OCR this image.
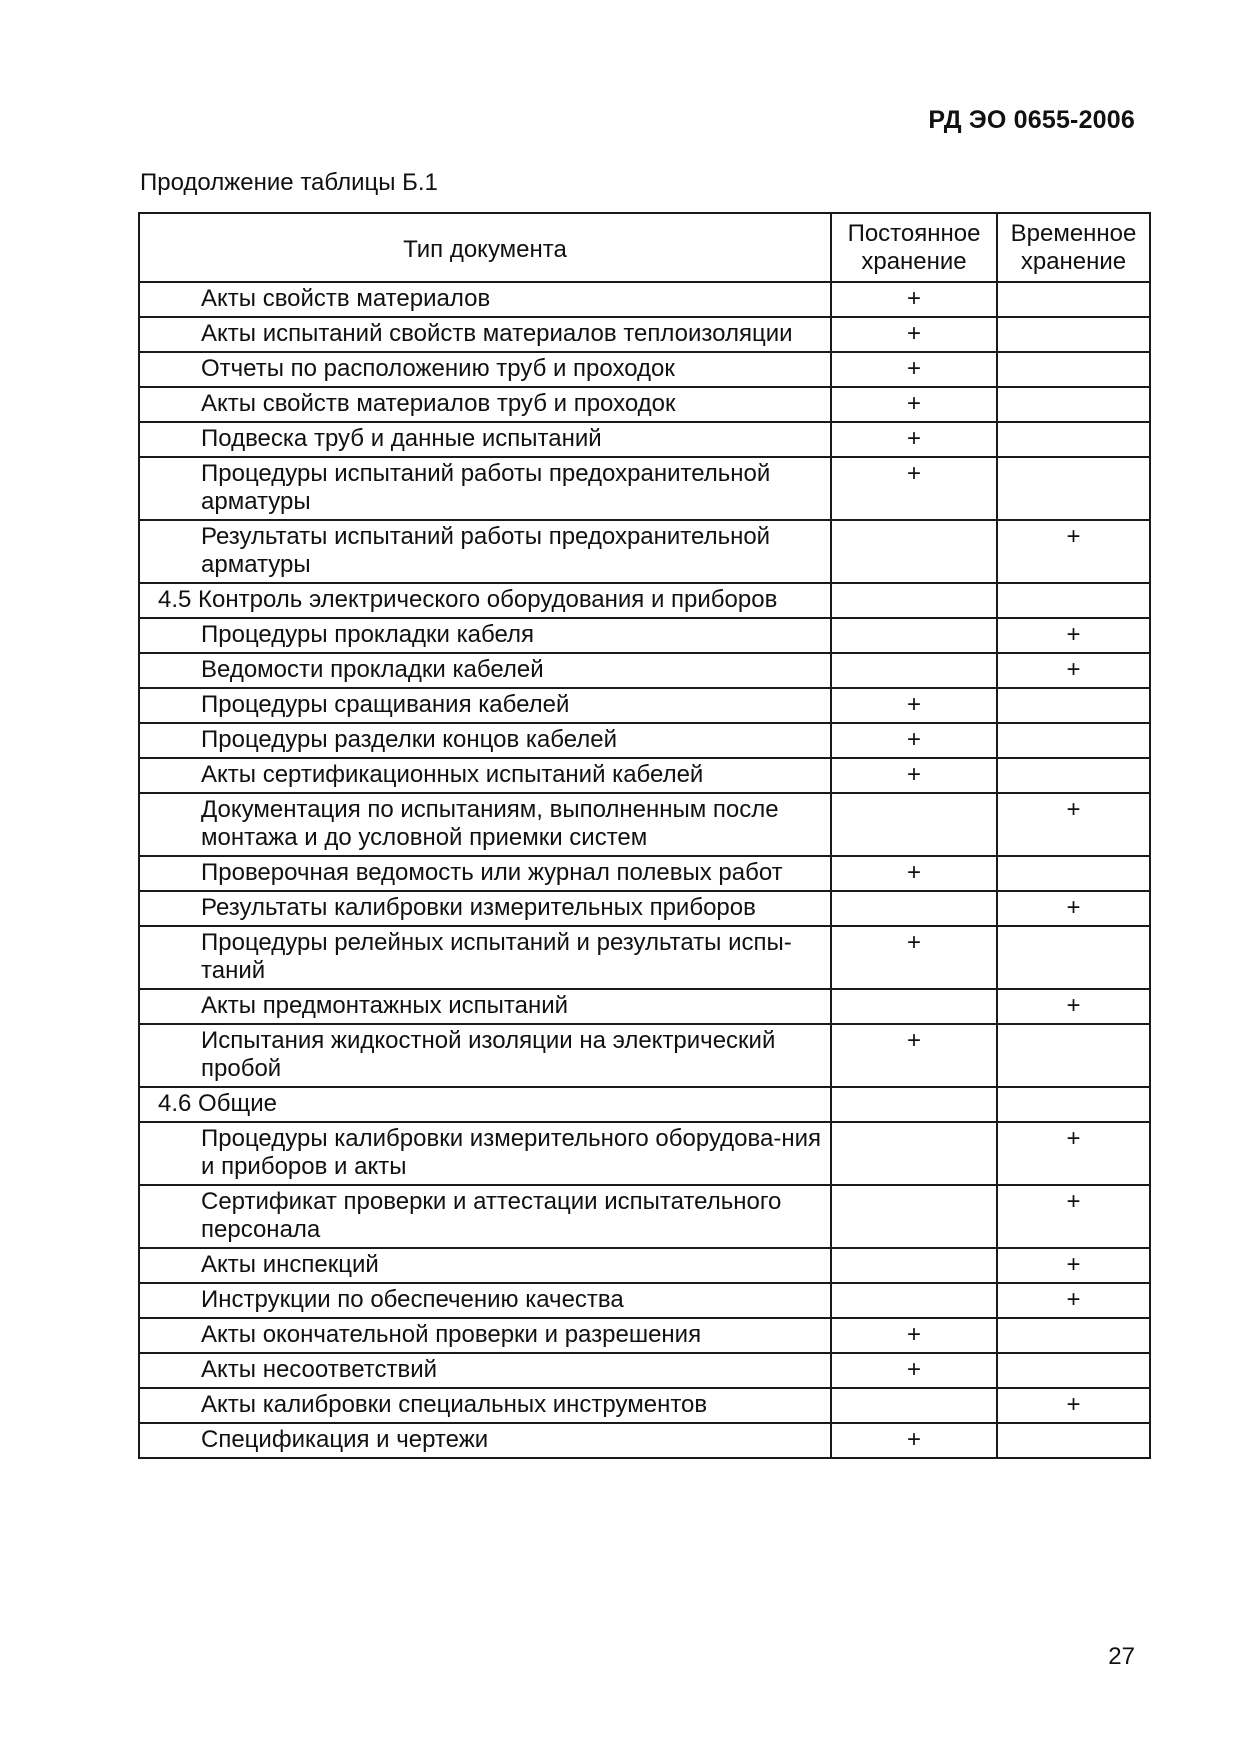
РД ЭО 0655-2006
Продолжение таблицы Б.1
Тип документа	Постоянное хранение	Временное хранение
Акты свойств материалов	+	
Акты испытаний свойств материалов теплоизоляции	+	
Отчеты по расположению труб и проходок	+	
Акты свойств материалов труб и проходок	+	
Подвеска труб и данные испытаний	+	
Процедуры испытаний работы предохранительной арматуры	+	
Результаты испытаний работы предохранительной арматуры		+
4.5 Контроль электрического оборудования и приборов		
Процедуры прокладки кабеля		+
Ведомости прокладки кабелей		+
Процедуры сращивания кабелей	+	
Процедуры разделки концов кабелей	+	
Акты сертификационных испытаний кабелей	+	
Документация по испытаниям, выполненным после монтажа и до условной приемки систем		+
Проверочная ведомость или журнал полевых работ	+	
Результаты калибровки измерительных приборов		+
Процедуры релейных испытаний и результаты испы-таний	+	
Акты предмонтажных испытаний		+
Испытания жидкостной изоляции на электрический пробой	+	
4.6 Общие		
Процедуры калибровки измерительного оборудова-ния и приборов и акты		+
Сертификат проверки и аттестации испытательного персонала		+
Акты инспекций		+
Инструкции по обеспечению качества		+
Акты окончательной проверки и разрешения	+	
Акты несоответствий	+	
Акты калибровки специальных инструментов		+
Спецификация и чертежи	+	
27
